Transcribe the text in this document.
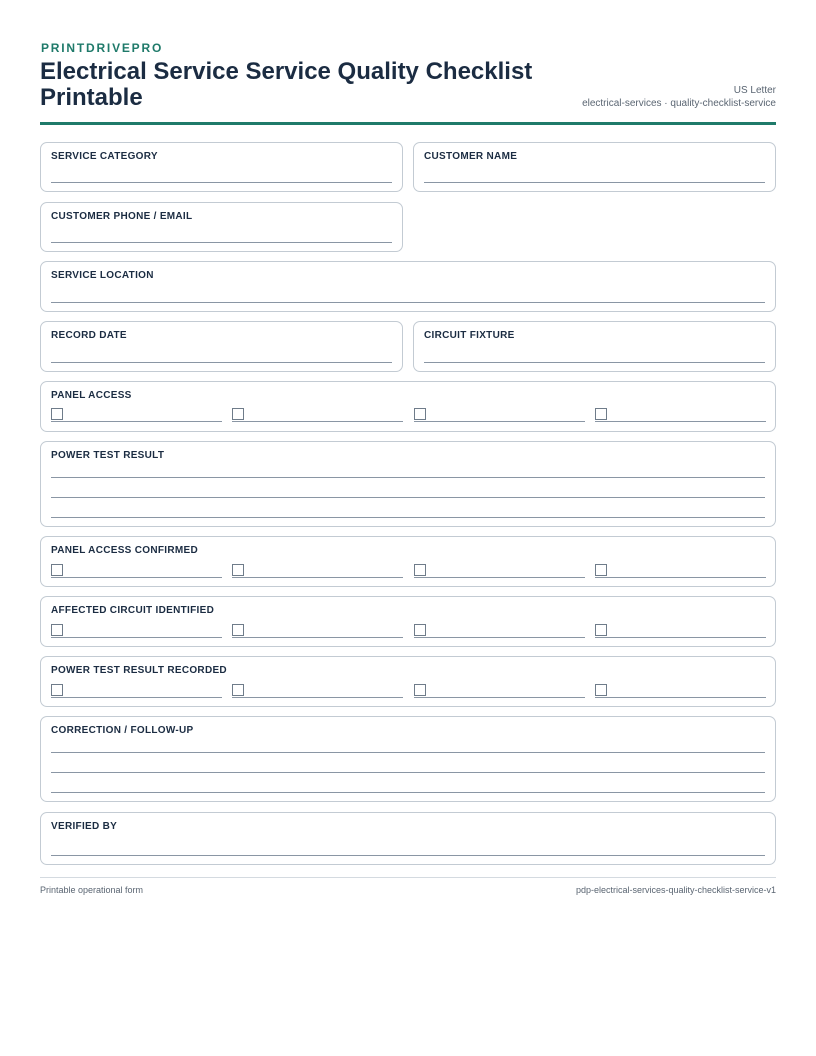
PRINTDRIVEPRO
Electrical Service Service Quality Checklist Printable	US Letter
electrical-services · quality-checklist-service
SERVICE CATEGORY	CUSTOMER NAME
CUSTOMER PHONE / EMAIL
SERVICE LOCATION
RECORD DATE	CIRCUIT FIXTURE
PANEL ACCESS
POWER TEST RESULT
PANEL ACCESS CONFIRMED
AFFECTED CIRCUIT IDENTIFIED
POWER TEST RESULT RECORDED
CORRECTION / FOLLOW-UP
VERIFIED BY
Printable operational form	pdp-electrical-services-quality-checklist-service-v1
